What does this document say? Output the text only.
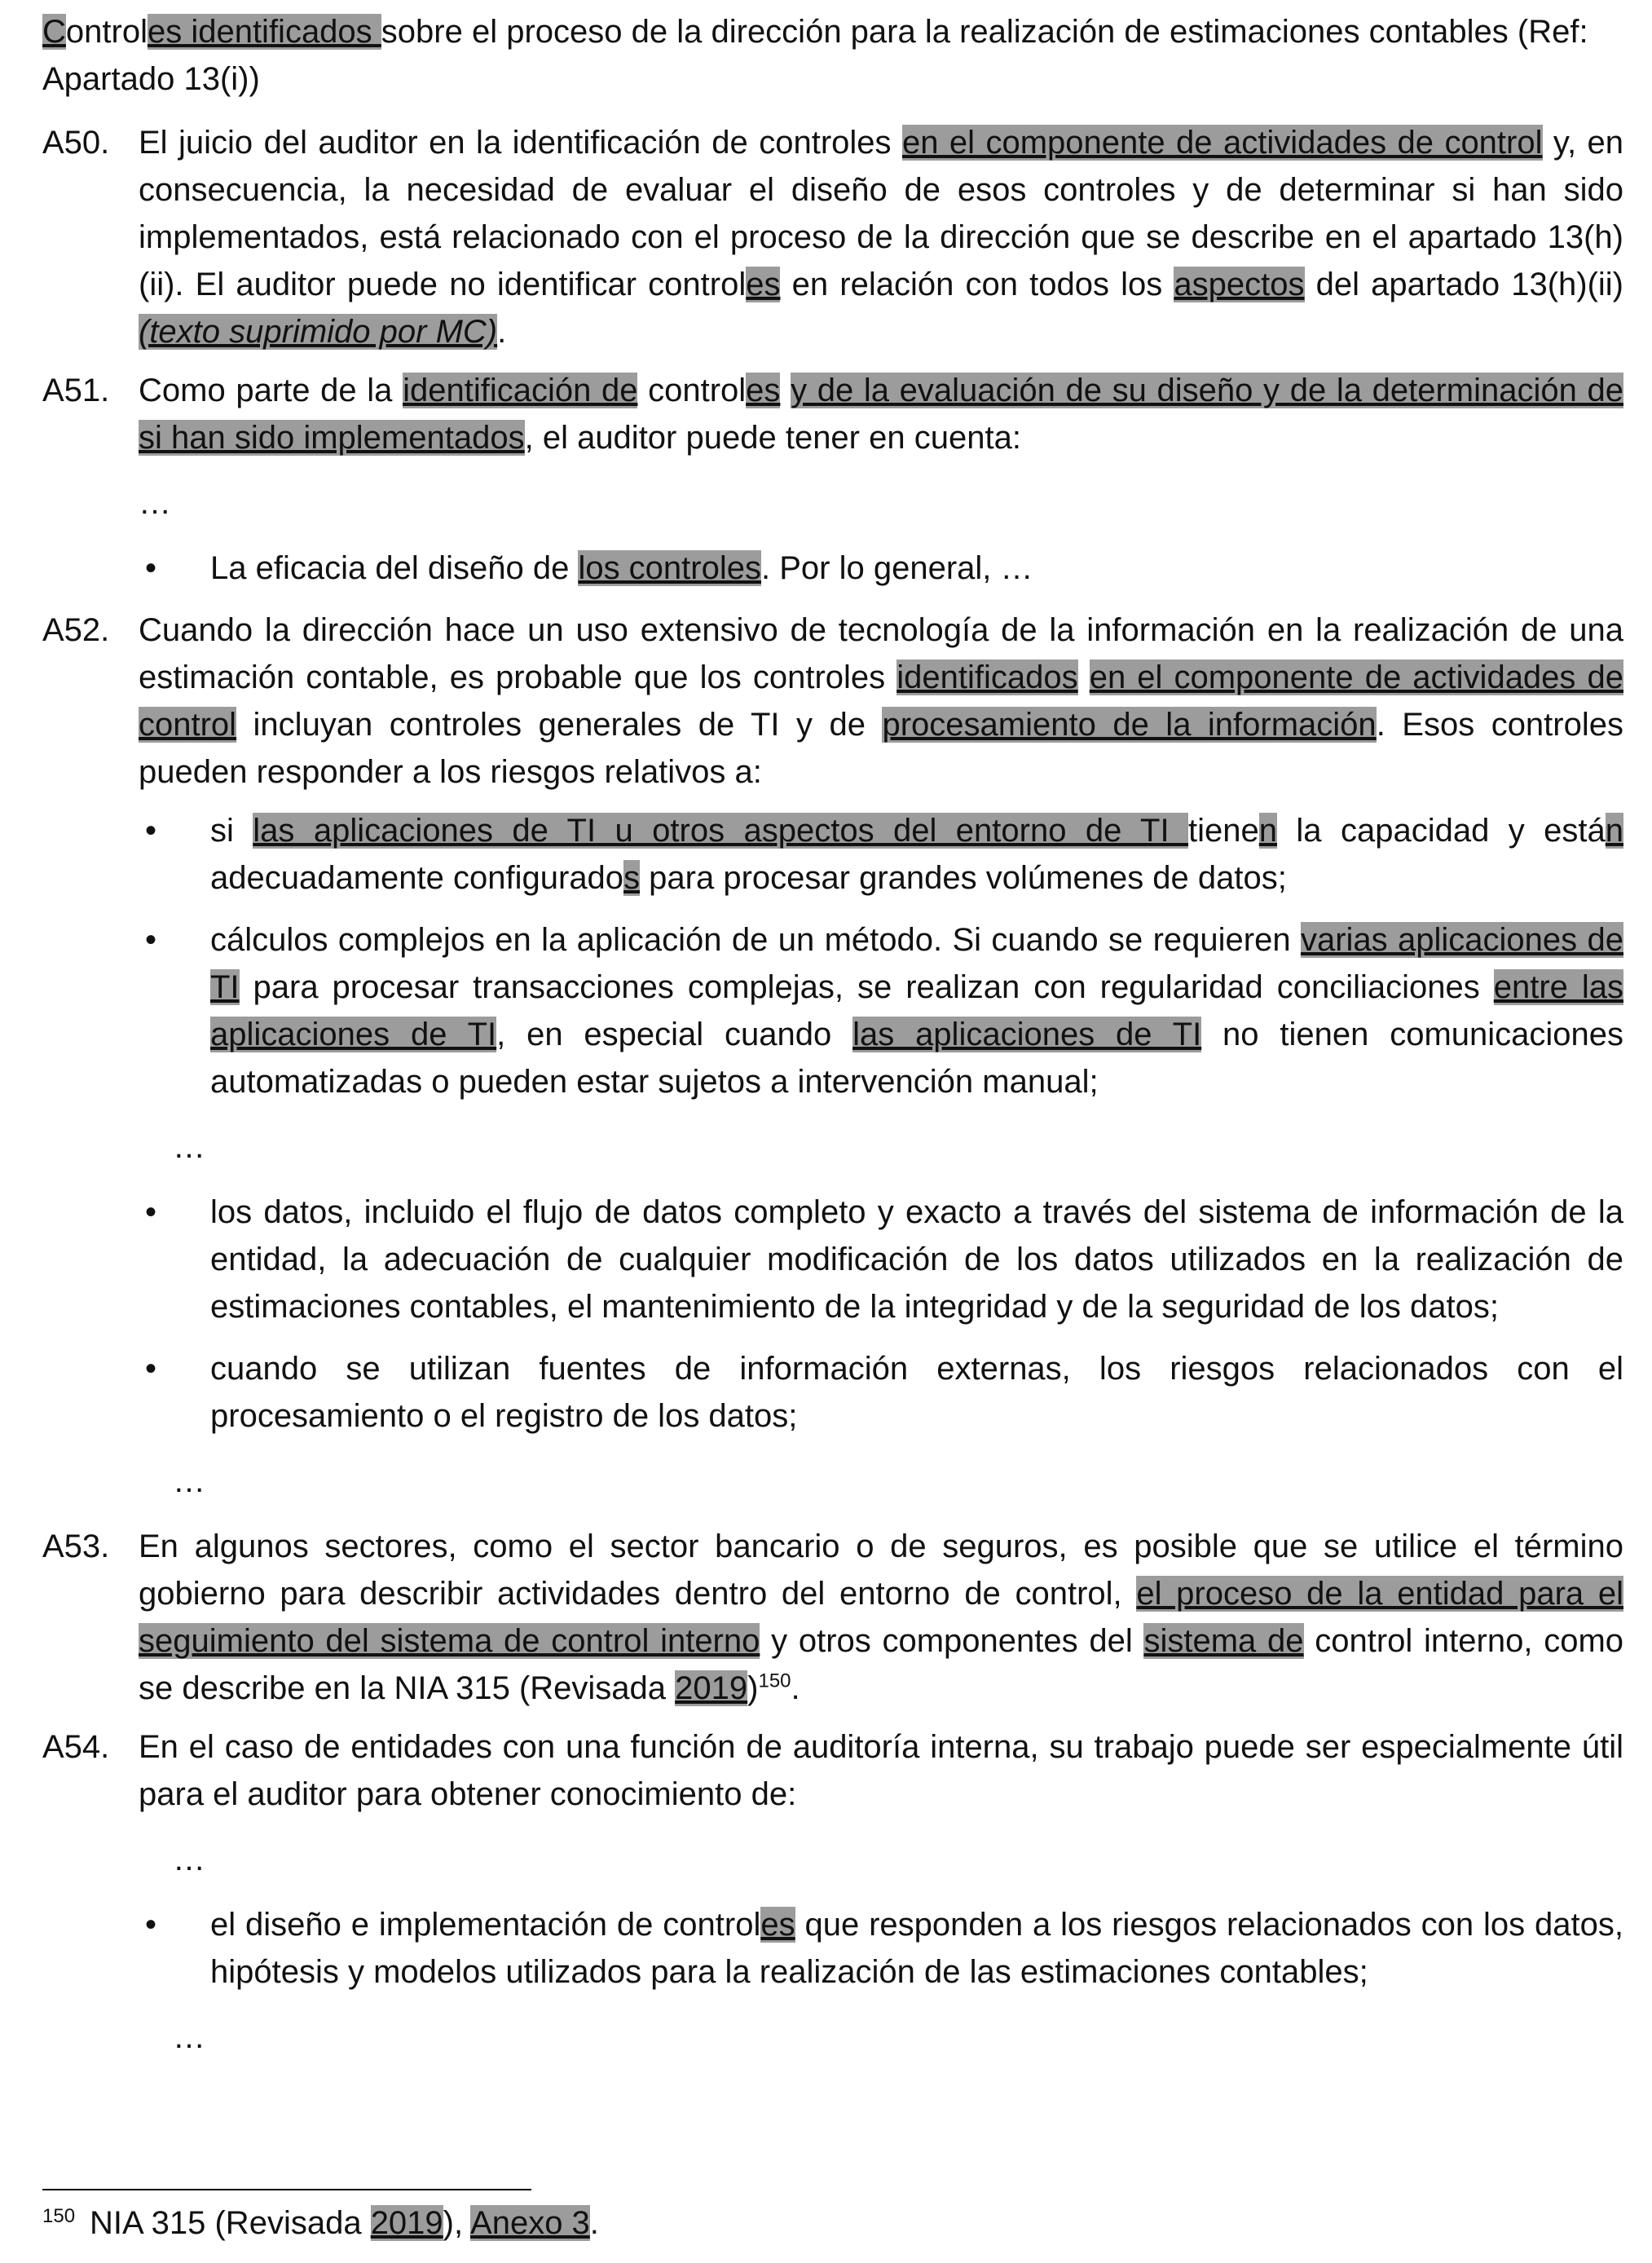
Controles identificados sobre el proceso de la dirección para la realización de estimaciones contables (Ref: Apartado 13(i))

A50. El juicio del auditor en la identificación de controles en el componente de actividades de control y, en consecuencia, la necesidad de evaluar el diseño de esos controles y de determinar si han sido implementados, está relacionado con el proceso de la dirección que se describe en el apartado 13(h)(ii). El auditor puede no identificar controles en relación con todos los aspectos del apartado 13(h)(ii) (texto suprimido por MC).

A51. Como parte de la identificación de controles y de la evaluación de su diseño y de la determinación de si han sido implementados, el auditor puede tener en cuenta:

…

•	La eficacia del diseño de los controles. Por lo general, …

A52. Cuando la dirección hace un uso extensivo de tecnología de la información en la realización de una estimación contable, es probable que los controles identificados en el componente de actividades de control incluyan controles generales de TI y de procesamiento de la información. Esos controles pueden responder a los riesgos relativos a:

•	si las aplicaciones de TI u otros aspectos del entorno de TI tienen la capacidad y están adecuadamente configurados para procesar grandes volúmenes de datos;

•	cálculos complejos en la aplicación de un método. Si cuando se requieren varias aplicaciones de TI para procesar transacciones complejas, se realizan con regularidad conciliaciones entre las aplicaciones de TI, en especial cuando las aplicaciones de TI no tienen comunicaciones automatizadas o pueden estar sujetos a intervención manual;

…

•	los datos, incluido el flujo de datos completo y exacto a través del sistema de información de la entidad, la adecuación de cualquier modificación de los datos utilizados en la realización de estimaciones contables, el mantenimiento de la integridad y de la seguridad de los datos;

•	cuando se utilizan fuentes de información externas, los riesgos relacionados con el procesamiento o el registro de los datos;

…

A53. En algunos sectores, como el sector bancario o de seguros, es posible que se utilice el término gobierno para describir actividades dentro del entorno de control, el proceso de la entidad para el seguimiento del sistema de control interno y otros componentes del sistema de control interno, como se describe en la NIA 315 (Revisada 2019)$^{150}$.

A54. En el caso de entidades con una función de auditoría interna, su trabajo puede ser especialmente útil para el auditor para obtener conocimiento de:

…

•	el diseño e implementación de controles que responden a los riesgos relacionados con los datos, hipótesis y modelos utilizados para la realización de las estimaciones contables;

…

$^{150}$ NIA 315 (Revisada 2019), Anexo 3.
